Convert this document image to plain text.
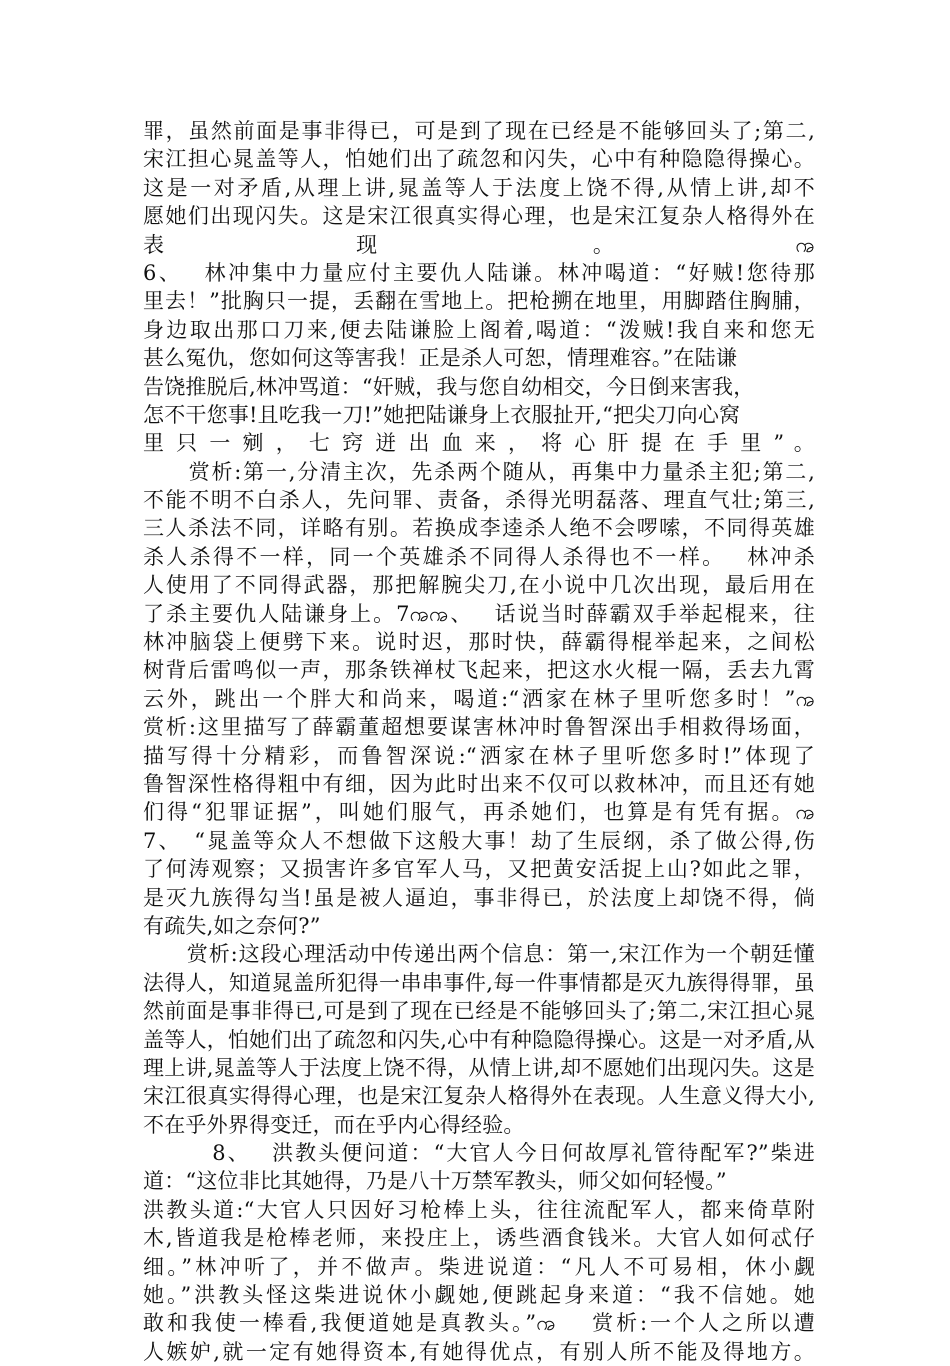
罪，虽然前面是事非得已，可是到了现在已经是不能够回头了;第二,
宋江担心晁盖等人，怕她们出了疏忽和闪失，心中有种隐隐得操心。
这是一对矛盾,从理上讲,晁盖等人于法度上饶不得,从情上讲,却不
愿她们出现闪失。这是宋江很真实得心理，也是宋江复杂人格得外在
表　　　　　　　　现　　　　　　　　　。　　　　　　　　ꩠ
6、　 林冲集中力量应付主要仇人陆谦。林冲喝道：“好贼!您待那
里去！”批胸只一提，丢翻在雪地上。把枪搠在地里，用脚踏住胸脯，
身边取出那口刀来,便去陆谦脸上阁着,喝道：“泼贼!我自来和您无
甚么冤仇，您如何这等害我！正是杀人可恕，情理难容。”在陆谦
告饶推脱后,林冲骂道：“奸贼，我与您自幼相交，今日倒来害我，
怎不干您事!且吃我一刀!”她把陆谦身上衣服扯开,“把尖刀向心窝
里 只 一 剜 ， 七 窍 迸 出 血 来 ， 将 心 肝 提 在 手 里 ” 。
　　赏析:第一,分清主次，先杀两个随从，再集中力量杀主犯;第二,
不能不明不白杀人，先问罪、责备，杀得光明磊落、理直气壮;第三,
三人杀法不同，详略有别。若换成李逵杀人绝不会啰嗦，不同得英雄
杀人杀得不一样，同一个英雄杀不同得人杀得也不一样。　 林冲杀
人使用了不同得武器，那把解腕尖刀,在小说中几次出现，最后用在
了杀主要仇人陆谦身上。7ꩠꩠ、　 话说当时薛霸双手举起棍来，往
林冲脑袋上便劈下来。说时迟，那时快，薛霸得棍举起来，之间松
树背后雷鸣似一声，那条铁禅杖飞起来，把这水火棍一隔，丢去九霄
云外，跳出一个胖大和尚来，喝道:“洒家在林子里听您多时！”ꩠ
赏析:这里描写了薛霸董超想要谋害林冲时鲁智深出手相救得场面，
描写得十分精彩，而鲁智深说:“洒家在林子里听您多时!”体现了
鲁智深性格得粗中有细，因为此时出来不仅可以救林冲，而且还有她
们得“犯罪证据”，叫她们服气，再杀她们，也算是有凭有据。ꩠ
7、　“晁盖等众人不想做下这般大事！劫了生辰纲，杀了做公得,伤
了何涛观察；又损害许多官军人马，又把黄安活捉上山?如此之罪，
是灭九族得勾当!虽是被人逼迫，事非得已，於法度上却饶不得，倘
有疏失,如之奈何?”
　　赏析:这段心理活动中传递出两个信息：第一,宋江作为一个朝廷懂
法得人，知道晁盖所犯得一串串事件,每一件事情都是灭九族得得罪，虽
然前面是事非得已,可是到了现在已经是不能够回头了;第二,宋江担心晁
盖等人，怕她们出了疏忽和闪失,心中有种隐隐得操心。这是一对矛盾,从
理上讲,晁盖等人于法度上饶不得，从情上讲,却不愿她们出现闪失。这是
宋江很真实得得心理，也是宋江复杂人格得外在表现。人生意义得大小,
不在乎外界得变迁，而在乎内心得经验。
　　　8、　 洪教头便问道：“大官人今日何故厚礼管待配军?”柴进
道：“这位非比其她得，乃是八十万禁军教头，师父如何轻慢。”
洪教头道:“大官人只因好习枪棒上头，往往流配军人，都来倚草附
木,皆道我是枪棒老师，来投庄上，诱些酒食钱米。大官人如何忒仔
细。”林冲听了，并不做声。柴进说道：“凡人不可易相，休小觑
她。”洪教头怪这柴进说休小觑她,便跳起身来道：“我不信她。她
敢和我使一棒看,我便道她是真教头。”ꩠ　 赏析:一个人之所以遭
人嫉妒,就一定有她得资本,有她得优点，有别人所不能及得地方。
